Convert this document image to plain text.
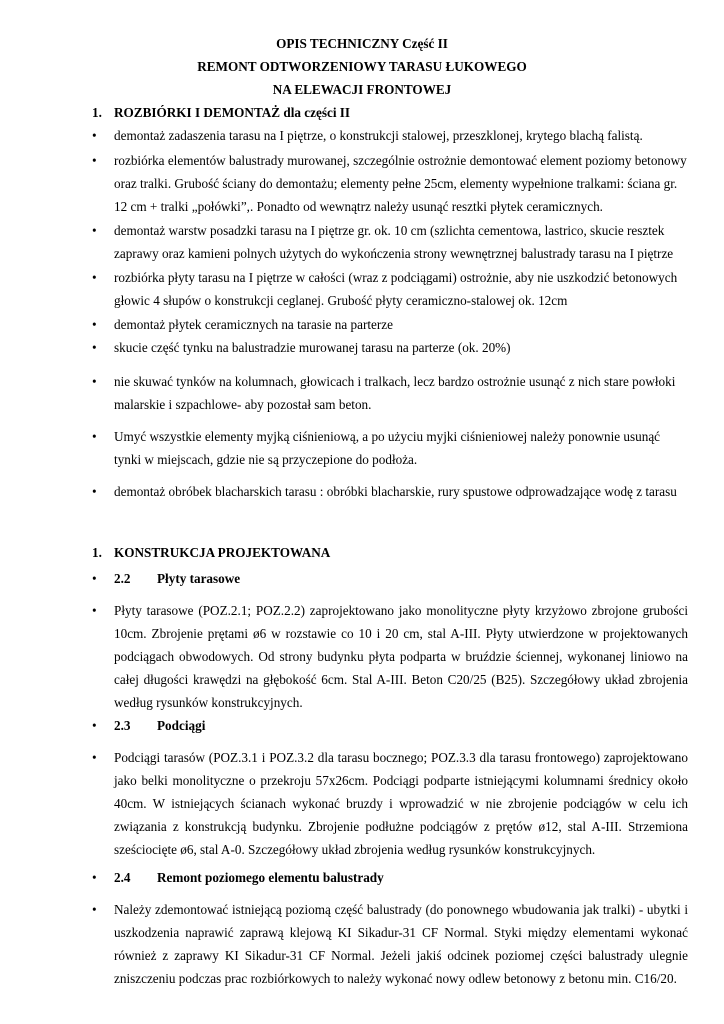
OPIS TECHNICZNY Część II
REMONT ODTWORZENIOWY TARASU ŁUKOWEGO
NA ELEWACJI FRONTOWEJ
1. ROZBIÓRKI I DEMONTAŻ dla części II
• demontaż zadaszenia tarasu na I piętrze, o konstrukcji stalowej, przeszklonej, krytego blachą falistą.
• rozbiórka elementów balustrady murowanej, szczególnie ostrożnie demontować element poziomy betonowy oraz tralki. Grubość ściany do demontażu; elementy pełne 25cm, elementy wypełnione tralkami: ściana gr. 12 cm + tralki „połówki”,. Ponadto od wewnątrz należy usunąć resztki płytek ceramicznych.
• demontaż warstw posadzki tarasu na I piętrze gr. ok. 10 cm (szlichta cementowa, lastrico, skucie resztek zaprawy oraz kamieni polnych użytych do wykończenia strony wewnętrznej balustrady tarasu na I piętrze
• rozbiórka płyty tarasu na I piętrze w całości (wraz z podciągami) ostrożnie, aby nie uszkodzić betonowych głowic 4 słupów o konstrukcji ceglanej. Grubość płyty ceramiczno-stalowej ok. 12cm
• demontaż płytek ceramicznych na tarasie na parterze
• skucie część tynku na balustradzie murowanej tarasu na parterze (ok. 20%)
• nie skuwać tynków na kolumnach, głowicach i tralkach, lecz bardzo ostrożnie usunąć z nich stare powłoki malarskie i szpachlowe- aby pozostał sam beton.
• Umyć wszystkie elementy myjką ciśnieniową, a po użyciu myjki ciśnieniowej należy ponownie usunąć tynki w miejscach, gdzie nie są przyczepione do podłoża.
• demontaż obróbek blacharskich tarasu : obróbki blacharskie, rury spustowe odprowadzające wodę z tarasu
1. KONSTRUKCJA PROJEKTOWANA
• 2.2 Płyty tarasowe
• Płyty tarasowe (POZ.2.1; POZ.2.2) zaprojektowano jako monolityczne płyty krzyżowo zbrojone grubości 10cm. Zbrojenie prętami ø6 w rozstawie co 10 i 20 cm, stal A-III. Płyty utwierdzone w projektowanych podciągach obwodowych. Od strony budynku płyta podparta w bruździe ściennej, wykonanej liniowo na całej długości krawędzi na głębokość 6cm. Stal A-III. Beton C20/25 (B25). Szczegółowy układ zbrojenia według rysunków konstrukcyjnych.
• 2.3 Podciągi
• Podciągi tarasów (POZ.3.1 i POZ.3.2 dla tarasu bocznego; POZ.3.3 dla tarasu frontowego) zaprojektowano jako belki monolityczne o przekroju 57x26cm. Podciągi podparte istniejącymi kolumnami średnicy około 40cm. W istniejących ścianach wykonać bruzdy i wprowadzić w nie zbrojenie podciągów w celu ich związania z konstrukcją budynku. Zbrojenie podłużne podciągów z prętów ø12, stal A-III. Strzemiona sześciocięte ø6, stal A-0. Szczegółowy układ zbrojenia według rysunków konstrukcyjnych.
• 2.4 Remont poziomego elementu balustrady
• Należy zdemontować istniejącą poziomą część balustrady (do ponownego wbudowania jak tralki) - ubytki i uszkodzenia naprawić zaprawą klejową KI Sikadur-31 CF Normal. Styki między elementami wykonać również z zaprawy KI Sikadur-31 CF Normal. Jeżeli jakiś odcinek poziomej części balustrady ulegnie zniszczeniu podczas prac rozbiórkowych to należy wykonać nowy odlew betonowy z betonu min. C16/20.
